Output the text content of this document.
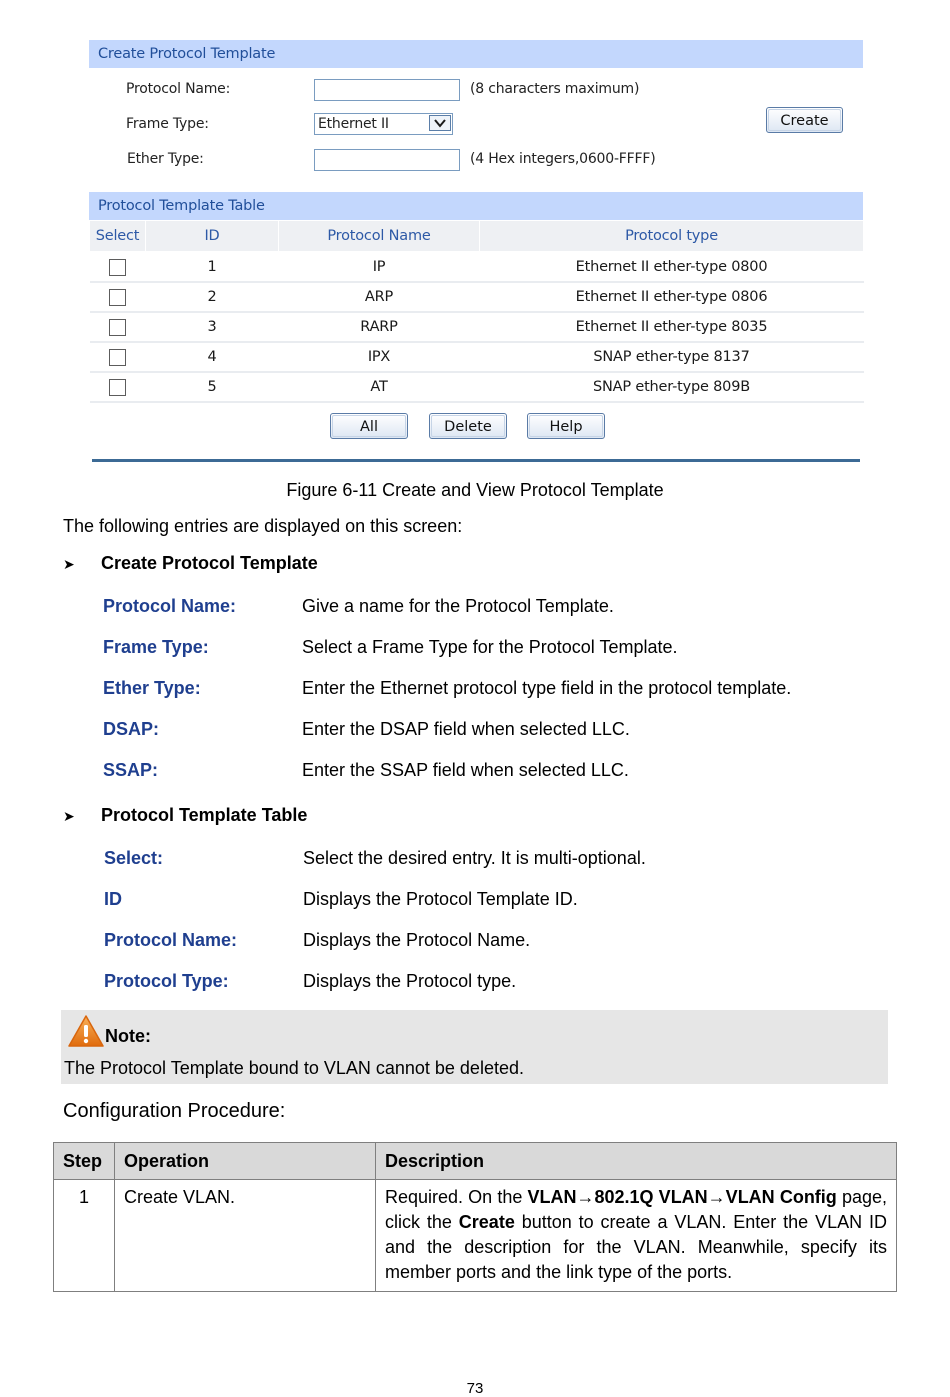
Create Protocol Template
Protocol Name:	(8 characters maximum)
Frame Type:	Ethernet II	Create
Ether Type:	(4 Hex integers,0600-FFFF)
Protocol Template Table
Select	ID	Protocol Name	Protocol type
	1	IP	Ethernet II ether-type 0800
	2	ARP	Ethernet II ether-type 0806
	3	RARP	Ethernet II ether-type 8035
	4	IPX	SNAP ether-type 8137
	5	AT	SNAP ether-type 809B
All	Delete	Help
Figure 6-11 Create and View Protocol Template
The following entries are displayed on this screen:
➤ Create Protocol Template
Protocol Name:	Give a name for the Protocol Template.
Frame Type:	Select a Frame Type for the Protocol Template.
Ether Type:	Enter the Ethernet protocol type field in the protocol template.
DSAP:	Enter the DSAP field when selected LLC.
SSAP:	Enter the SSAP field when selected LLC.
➤ Protocol Template Table
Select:	Select the desired entry. It is multi-optional.
ID	Displays the Protocol Template ID.
Protocol Name:	Displays the Protocol Name.
Protocol Type:	Displays the Protocol type.
Note:
The Protocol Template bound to VLAN cannot be deleted.
Configuration Procedure:
Step	Operation	Description
1	Create VLAN.	Required. On the VLAN→802.1Q VLAN→VLAN Config page, click the Create button to create a VLAN. Enter the VLAN ID and the description for the VLAN. Meanwhile, specify its member ports and the link type of the ports.
73
